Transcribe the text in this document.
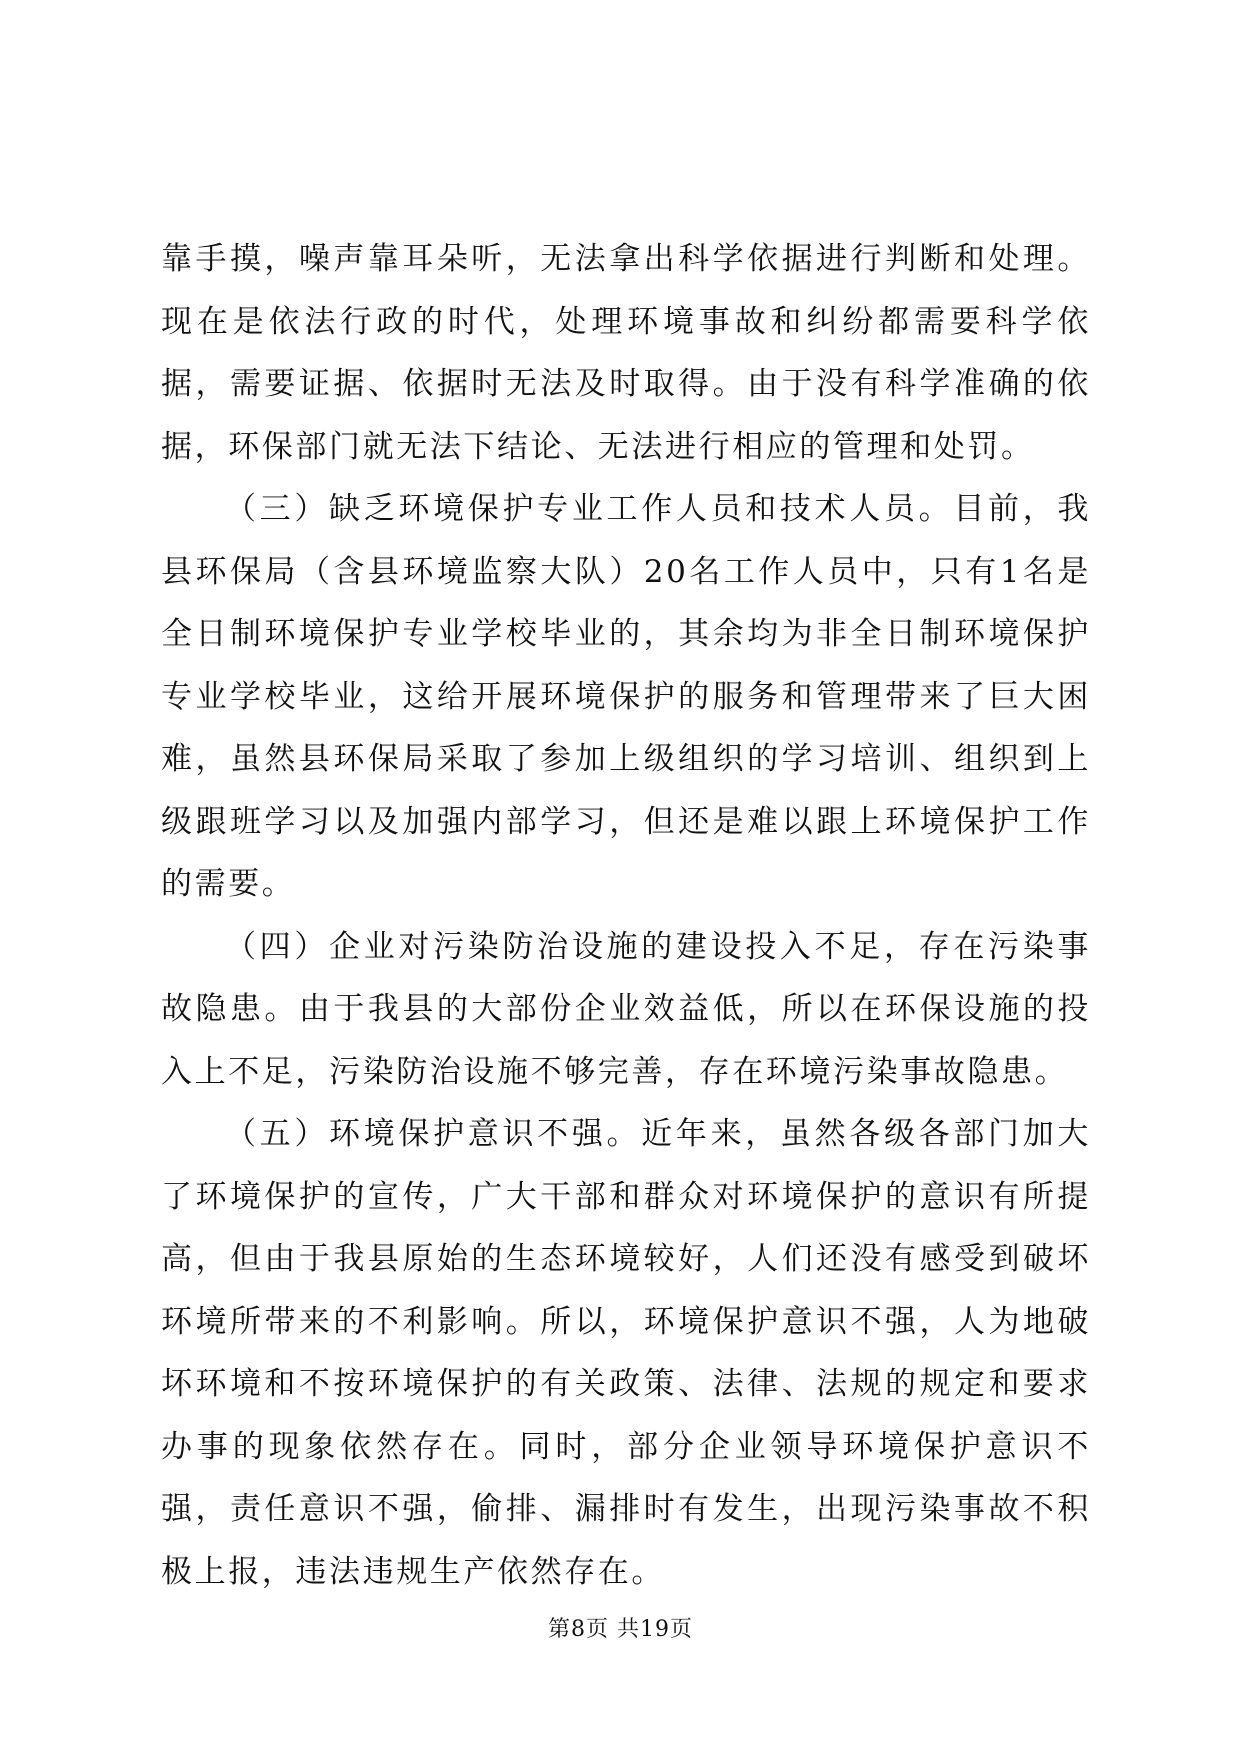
靠手摸，噪声靠耳朵听，无法拿出科学依据进行判断和处理。现在是依法行政的时代，处理环境事故和纠纷都需要科学依据，需要证据、依据时无法及时取得。由于没有科学准确的依据，环保部门就无法下结论、无法进行相应的管理和处罚。

（三）缺乏环境保护专业工作人员和技术人员。目前，我县环保局（含县环境监察大队）20名工作人员中，只有1名是全日制环境保护专业学校毕业的，其余均为非全日制环境保护专业学校毕业，这给开展环境保护的服务和管理带来了巨大困难，虽然县环保局采取了参加上级组织的学习培训、组织到上级跟班学习以及加强内部学习，但还是难以跟上环境保护工作的需要。

（四）企业对污染防治设施的建设投入不足，存在污染事故隐患。由于我县的大部份企业效益低，所以在环保设施的投入上不足，污染防治设施不够完善，存在环境污染事故隐患。

（五）环境保护意识不强。近年来，虽然各级各部门加大了环境保护的宣传，广大干部和群众对环境保护的意识有所提高，但由于我县原始的生态环境较好，人们还没有感受到破坏环境所带来的不利影响。所以，环境保护意识不强，人为地破坏环境和不按环境保护的有关政策、法律、法规的规定和要求办事的现象依然存在。同时，部分企业领导环境保护意识不强，责任意识不强，偷排、漏排时有发生，出现污染事故不积极上报，违法违规生产依然存在。

第8页 共19页
